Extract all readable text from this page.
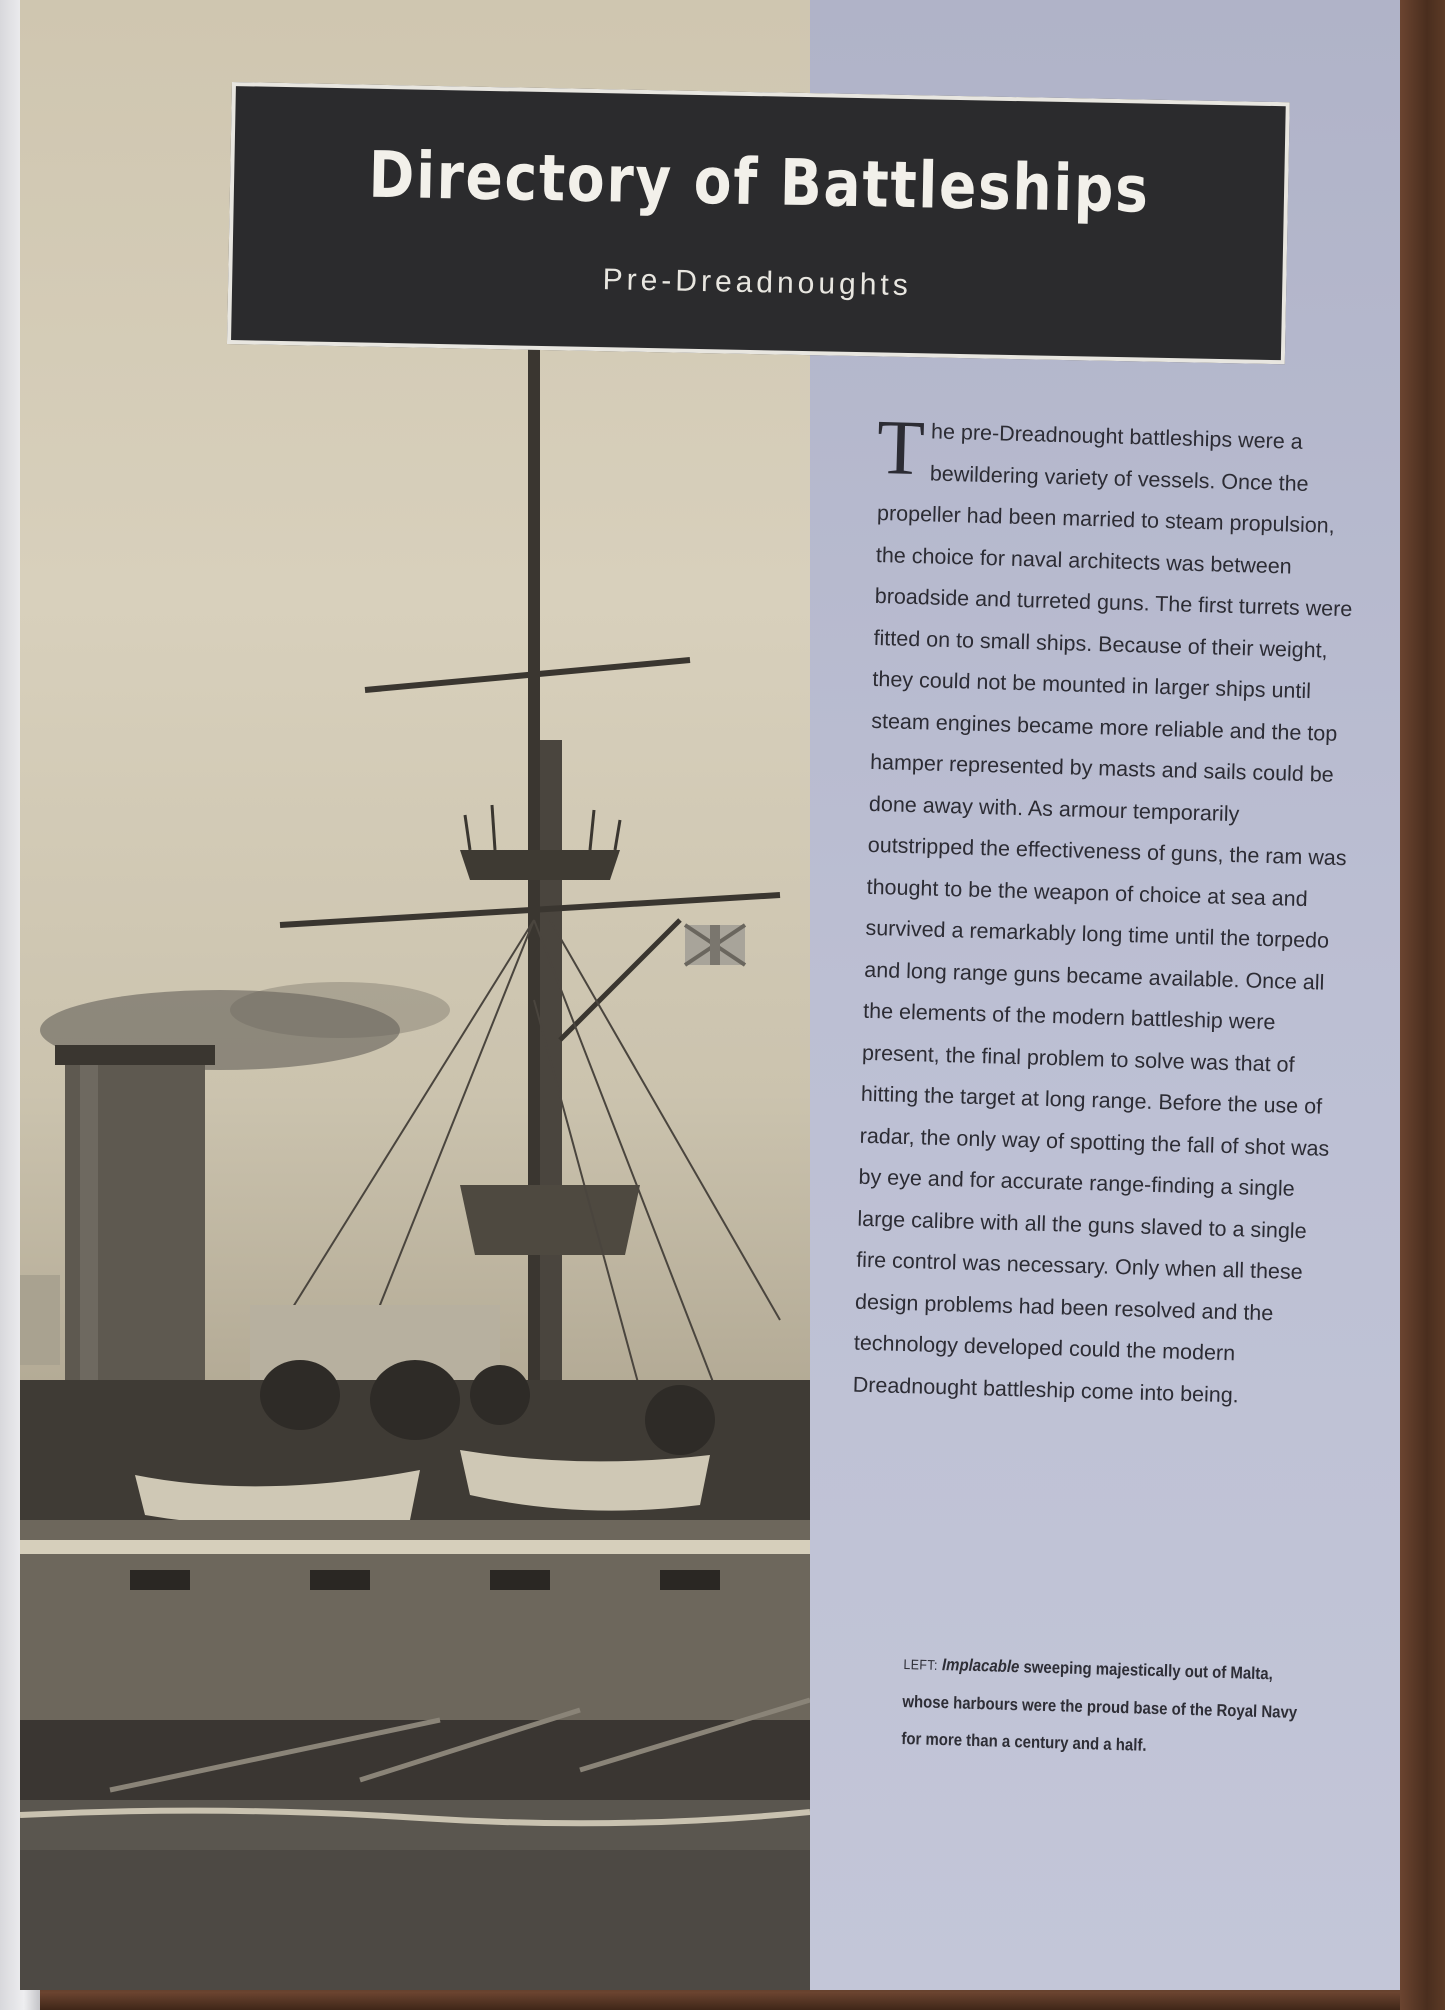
Directory of Battleships
Pre-Dreadnoughts
T he pre-Dreadnought battleships were a bewildering variety of vessels. Once the propeller had been married to steam propulsion, the choice for naval architects was between broadside and turreted guns. The first turrets were fitted on to small ships. Because of their weight, they could not be mounted in larger ships until steam engines became more reliable and the top hamper represented by masts and sails could be done away with. As armour temporarily outstripped the effectiveness of guns, the ram was thought to be the weapon of choice at sea and survived a remarkably long time until the torpedo and long range guns became available. Once all the elements of the modern battleship were present, the final problem to solve was that of hitting the target at long range. Before the use of radar, the only way of spotting the fall of shot was by eye and for accurate range-finding a single large calibre with all the guns slaved to a single fire control was necessary. Only when all these design problems had been resolved and the technology developed could the modern Dreadnought battleship come into being.
LEFT: Implacable sweeping majestically out of Malta, whose harbours were the proud base of the Royal Navy for more than a century and a half.
